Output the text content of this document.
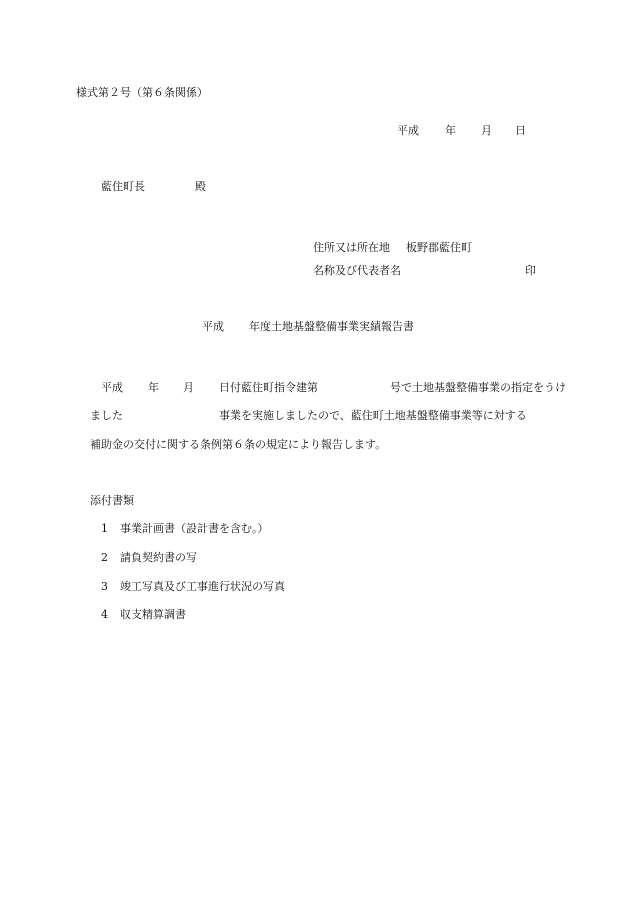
様式第２号（第６条関係）
平成 年 月 日
藍住町長	殿
住所又は所在地 板野郡藍住町
名称及び代表者名	印
平成 年度土地基盤整備事業実績報告書
平成 年 月 日付藍住町指令建第	号で土地基盤整備事業の指定をうけ
ました	事業を実施しましたので、藍住町土地基盤整備事業等に対する
補助金の交付に関する条例第６条の規定により報告します。
添付書類
1 事業計画書（設計書を含む。）
2 請負契約書の写
3 竣工写真及び工事進行状況の写真
4 収支精算調書
